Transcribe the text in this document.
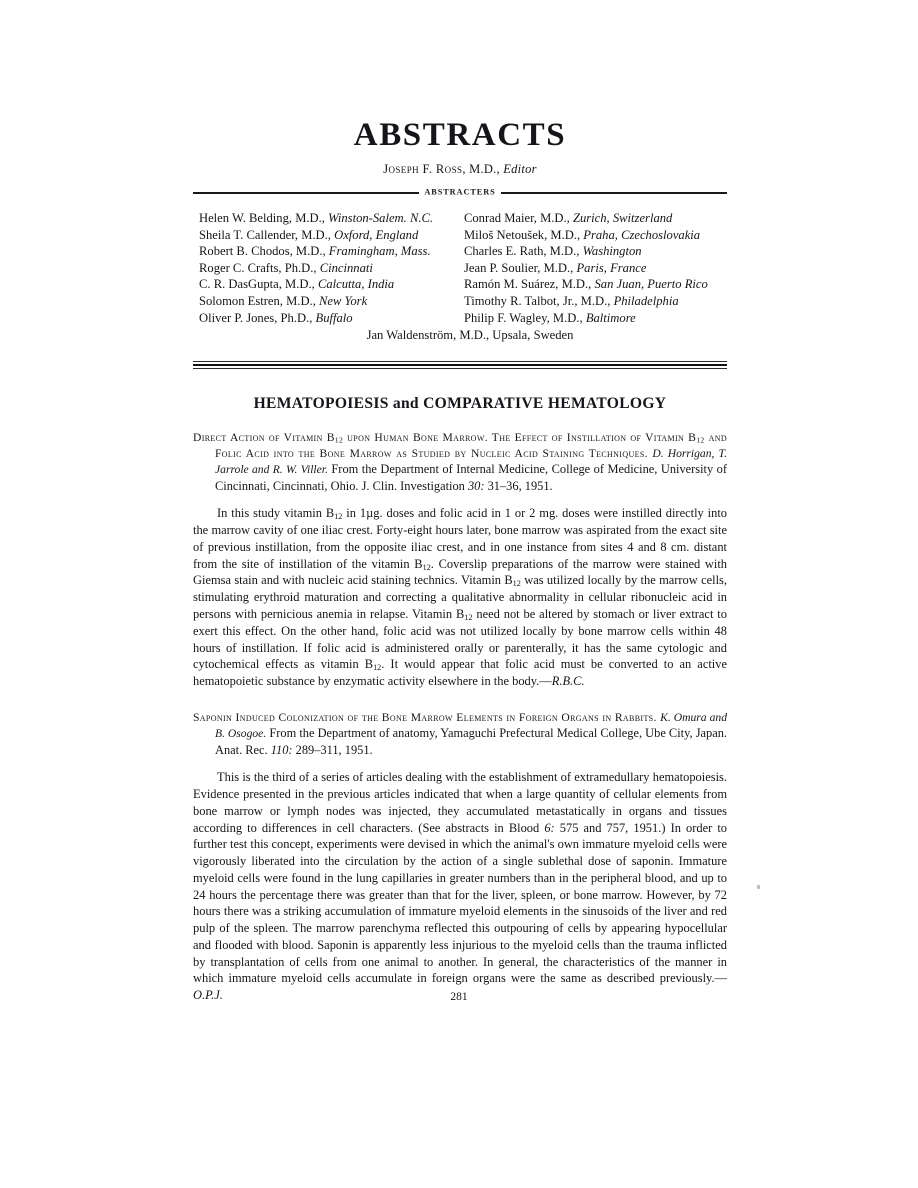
ABSTRACTS
Joseph F. Ross, M.D., Editor
ABSTRACTERS
Helen W. Belding, M.D., Winston-Salem. N.C.
Sheila T. Callender, M.D., Oxford, England
Robert B. Chodos, M.D., Framingham, Mass.
Roger C. Crafts, Ph.D., Cincinnati
C. R. DasGupta, M.D., Calcutta, India
Solomon Estren, M.D., New York
Oliver P. Jones, Ph.D., Buffalo
Conrad Maier, M.D., Zurich, Switzerland
Miloš Netoušek, M.D., Praha, Czechoslovakia
Charles E. Rath, M.D., Washington
Jean P. Soulier, M.D., Paris, France
Ramón M. Suárez, M.D., San Juan, Puerto Rico
Timothy R. Talbot, Jr., M.D., Philadelphia
Philip F. Wagley, M.D., Baltimore
Jan Waldenström, M.D., Upsala, Sweden
HEMATOPOIESIS and COMPARATIVE HEMATOLOGY
Direct Action of Vitamin $B_{12}$ upon Human Bone Marrow. The Effect of Instillation of Vitamin $B_{12}$ and Folic Acid into the Bone Marrow as Studied by Nucleic Acid Staining Techniques. D. Horrigan, T. Jarrole and R. W. Viller. From the Department of Internal Medicine, College of Medicine, University of Cincinnati, Cincinnati, Ohio. J. Clin. Investigation 30: 31–36, 1951.
In this study vitamin $B_{12}$ in 1µg. doses and folic acid in 1 or 2 mg. doses were instilled directly into the marrow cavity of one iliac crest. Forty-eight hours later, bone marrow was aspirated from the exact site of previous instillation, from the opposite iliac crest, and in one instance from sites 4 and 8 cm. distant from the site of instillation of the vitamin $B_{12}$. Coverslip preparations of the marrow were stained with Giemsa stain and with nucleic acid staining technics. Vitamin $B_{12}$ was utilized locally by the marrow cells, stimulating erythroid maturation and correcting a qualitative abnormality in cellular ribonucleic acid in persons with pernicious anemia in relapse. Vitamin $B_{12}$ need not be altered by stomach or liver extract to exert this effect. On the other hand, folic acid was not utilized locally by bone marrow cells within 48 hours of instillation. If folic acid is administered orally or parenterally, it has the same cytologic and cytochemical effects as vitamin $B_{12}$. It would appear that folic acid must be converted to an active hematopoietic substance by enzymatic activity elsewhere in the body.—R.B.C.
Saponin Induced Colonization of the Bone Marrow Elements in Foreign Organs in Rabbits. K. Omura and B. Osogoe. From the Department of anatomy, Yamaguchi Prefectural Medical College, Ube City, Japan. Anat. Rec. 110: 289–311, 1951.
This is the third of a series of articles dealing with the establishment of extramedullary hematopoiesis. Evidence presented in the previous articles indicated that when a large quantity of cellular elements from bone marrow or lymph nodes was injected, they accumulated metastatically in organs and tissues according to differences in cell characters. (See abstracts in Blood 6: 575 and 757, 1951.) In order to further test this concept, experiments were devised in which the animal's own immature myeloid cells were vigorously liberated into the circulation by the action of a single sublethal dose of saponin. Immature myeloid cells were found in the lung capillaries in greater numbers than in the peripheral blood, and up to 24 hours the percentage there was greater than that for the liver, spleen, or bone marrow. However, by 72 hours there was a striking accumulation of immature myeloid elements in the sinusoids of the liver and red pulp of the spleen. The marrow parenchyma reflected this outpouring of cells by appearing hypocellular and flooded with blood. Saponin is apparently less injurious to the myeloid cells than the trauma inflicted by transplantation of cells from one animal to another. In general, the characteristics of the manner in which immature myeloid cells accumulate in foreign organs were the same as described previously.—O.P.J.	281
